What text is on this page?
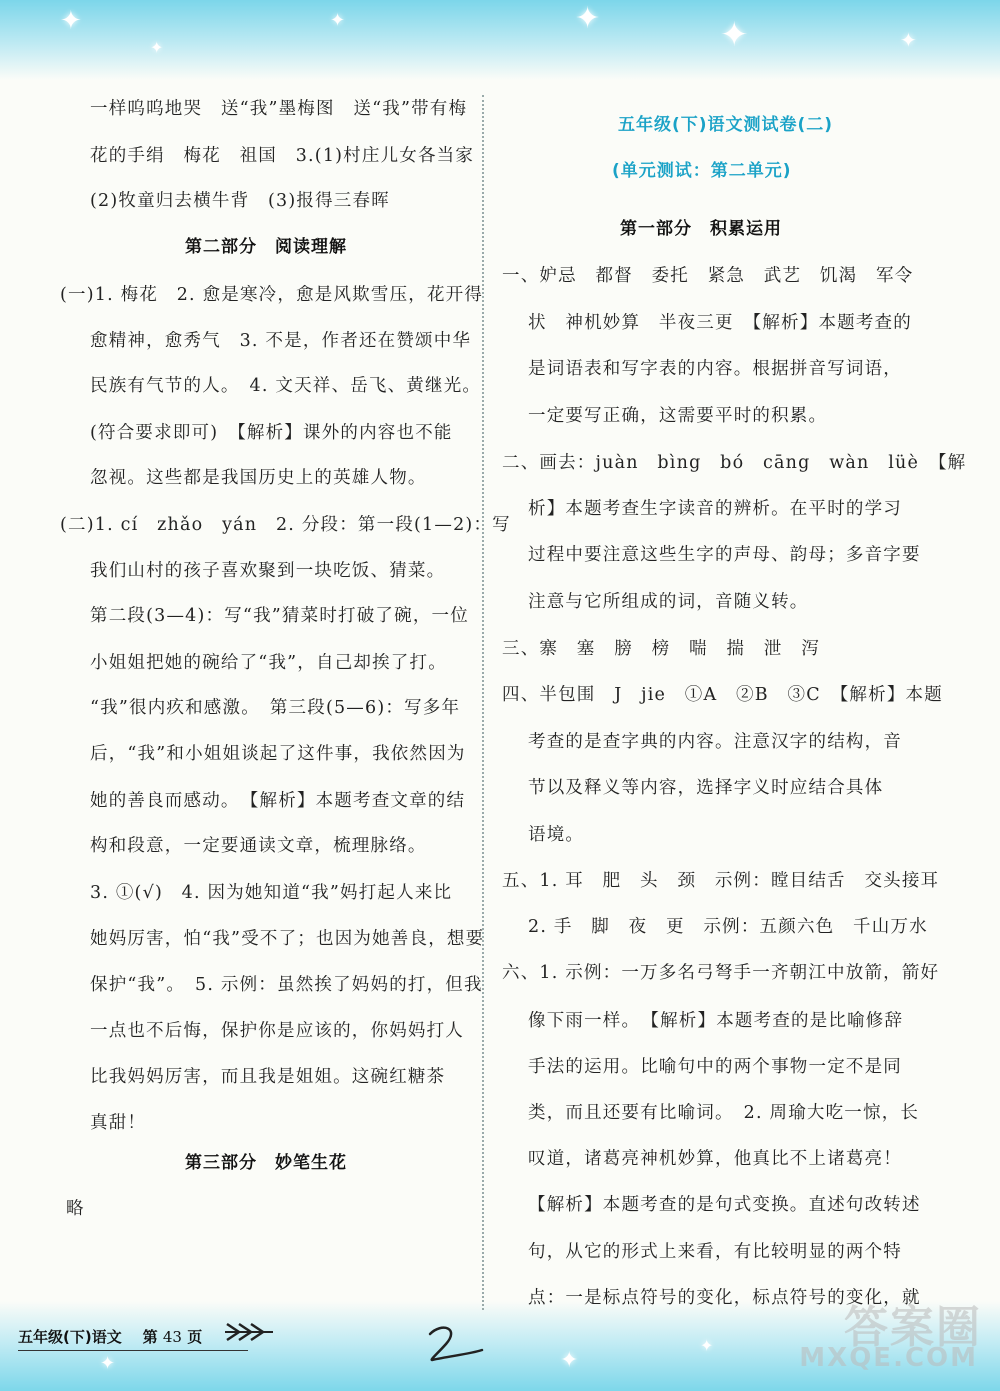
✦
✦
✦	✦	✦	✦
✦	✦
✦
一样呜呜地哭　送“我”墨梅图　送“我”带有梅
花的手绢　梅花　祖国　3.(1)村庄儿女各当家
(2)牧童归去横牛背　(3)报得三春晖
第二部分　阅读理解
(一)1. 梅花　2. 愈是寒冷，愈是风欺雪压，花开得
愈精神，愈秀气　3. 不是，作者还在赞颂中华
民族有气节的人。　4. 文天祥、岳飞、黄继光。
(符合要求即可)　【解析】课外的内容也不能
忽视。这些都是我国历史上的英雄人物。
(二)1. cí　zhǎo　yán　2. 分段：第一段(1—2)：写
我们山村的孩子喜欢聚到一块吃饭、猜菜。
第二段(3—4)：写“我”猜菜时打破了碗，一位
小姐姐把她的碗给了“我”，自己却挨了打。
“我”很内疚和感激。　第三段(5—6)：写多年
后，“我”和小姐姐谈起了这件事，我依然因为
她的善良而感动。　【解析】本题考查文章的结
构和段意，一定要通读文章，梳理脉络。
3. ①(√)　4. 因为她知道“我”妈打起人来比
她妈厉害，怕“我”受不了；也因为她善良，想要
保护“我”。　5. 示例：虽然挨了妈妈的打，但我
一点也不后悔，保护你是应该的，你妈妈打人
比我妈妈厉害，而且我是姐姐。这碗红糖茶
真甜！
第三部分　妙笔生花
略
五年级(下)语文测试卷(二)
(单元测试：第二单元)
第一部分　积累运用
一、妒忌　都督　委托　紧急　武艺　饥渴　军令
状　神机妙算　半夜三更　【解析】本题考查的
是词语表和写字表的内容。根据拼音写词语，
一定要写正确，这需要平时的积累。
二、画去：juàn　bìng　bó　cāng　wàn　lüè　【解
析】本题考查生字读音的辨析。在平时的学习
过程中要注意这些生字的声母、韵母；多音字要
注意与它所组成的词，音随义转。
三、寨　塞　膀　榜　喘　揣　泄　泻
四、半包围　J　jie　①A　②B　③C　【解析】本题
考查的是查字典的内容。注意汉字的结构，音
节以及释义等内容，选择字义时应结合具体
语境。
五、1. 耳　肥　头　颈　示例：瞠目结舌　交头接耳
2. 手　脚　夜　更　示例：五颜六色　千山万水
六、1. 示例：一万多名弓弩手一齐朝江中放箭，箭好
像下雨一样。　【解析】本题考查的是比喻修辞
手法的运用。比喻句中的两个事物一定不是同
类，而且还要有比喻词。　2. 周瑜大吃一惊，长
叹道，诸葛亮神机妙算，他真比不上诸葛亮！
【解析】本题考查的是句式变换。直述句改转述
句，从它的形式上来看，有比较明显的两个特
点：一是标点符号的变化，标点符号的变化，就
五年级(下)语文 第 43 页	答案圈
MXQE.COM
